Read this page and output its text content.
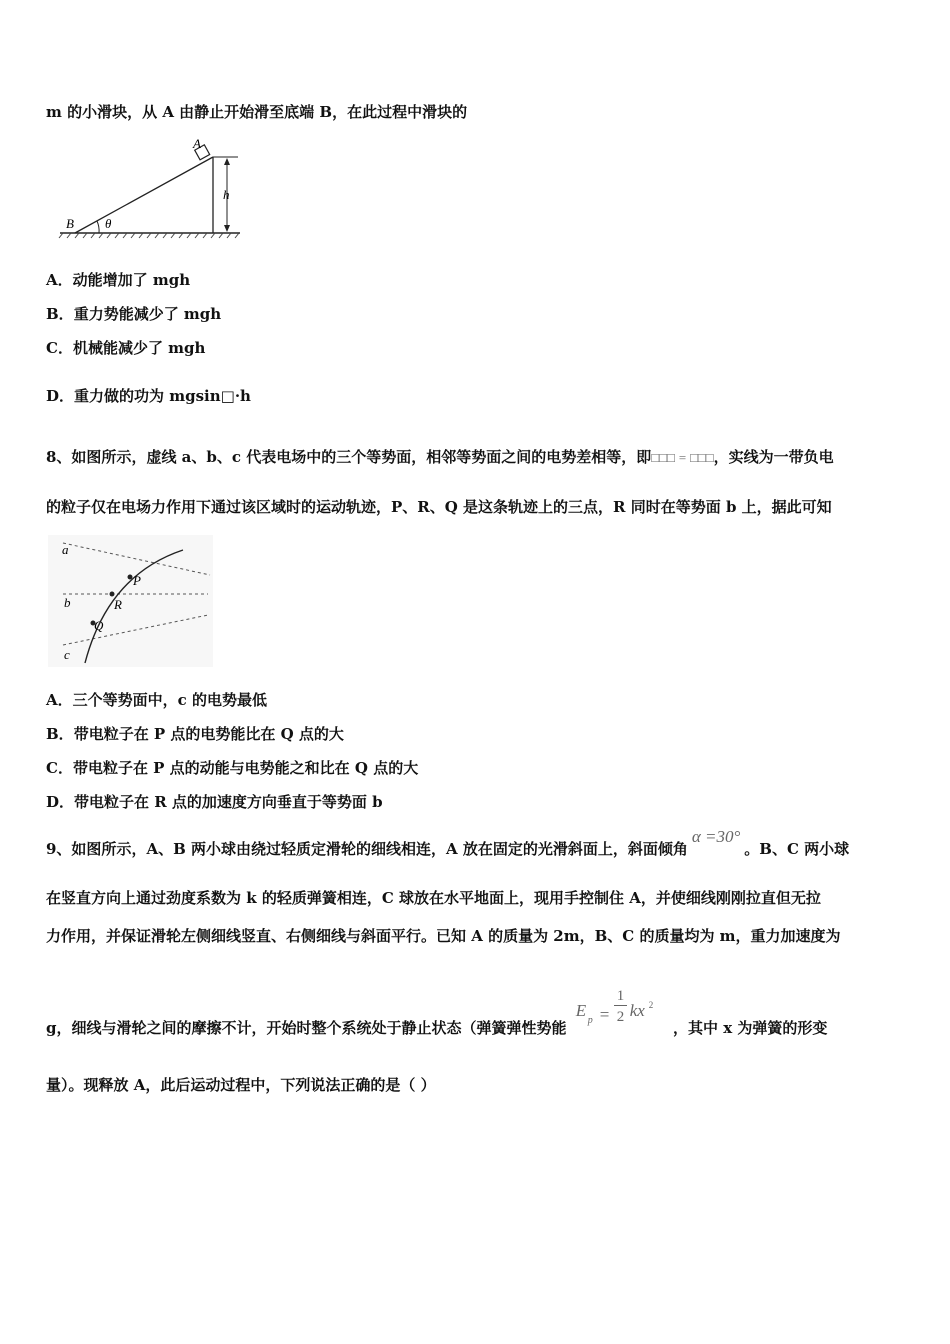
m 的小滑块，从 A 由静止开始滑至底端 B，在此过程中滑块的
A
B
h
θ
A．动能增加了 mgh
B．重力势能减少了 mgh
C．机械能减少了 mgh
D．重力做的功为 mgsin□·h
8、如图所示，虚线 a、b、c 代表电场中的三个等势面，相邻等势面之间的电势差相等，即□□□ = □□□，实线为一带负电
的粒子仅在电场力作用下通过该区域时的运动轨迹，P、R、Q 是这条轨迹上的三点，R 同时在等势面 b 上，据此可知
a
b
c
P
R
Q
A．三个等势面中，c 的电势最低
B．带电粒子在 P 点的电势能比在 Q 点的大
C．带电粒子在 P 点的动能与电势能之和比在 Q 点的大
D．带电粒子在 R 点的加速度方向垂直于等势面 b
9、如图所示，A、B 两小球由绕过轻质定滑轮的细线相连，A 放在固定的光滑斜面上，斜面倾角α =30°。B、C 两小球
在竖直方向上通过劲度系数为 k 的轻质弹簧相连，C 球放在水平地面上，现用手控制住 A，并使细线刚刚拉直但无拉
力作用，并保证滑轮左侧细线竖直、右侧细线与斜面平行。已知 A 的质量为 2m，B、C 的质量均为 m，重力加速度为
g，细线与滑轮之间的摩擦不计，开始时整个系统处于静止状态（弹簧弹性势能
E
p =
1
2 kx 2
，其中 x 为弹簧的形变
量）。现释放 A，此后运动过程中，下列说法正确的是（ ）
